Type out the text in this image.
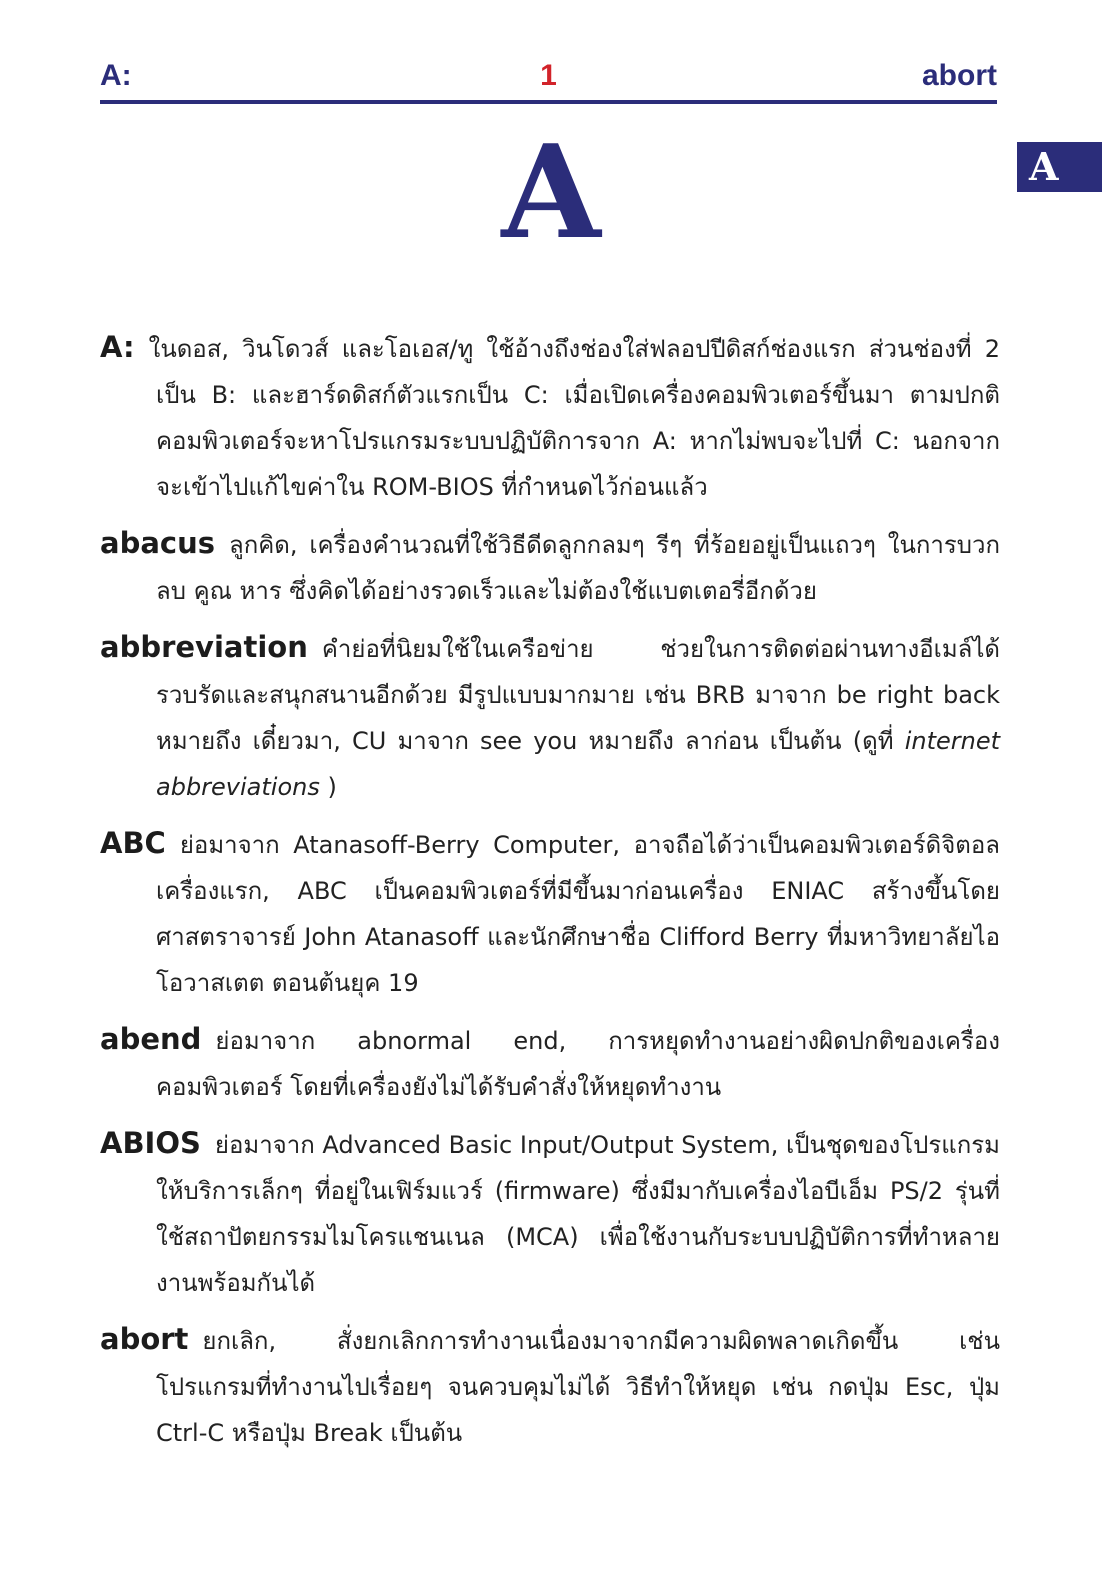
A:	1	abort
A
A
A: ในดอส, วินโดวส์ และโอเอส/ทู ใช้อ้างถึงช่องใส่ฟลอปปีดิสก์ช่องแรก ส่วนช่องที่ 2 เป็น B: และฮาร์ดดิสก์ตัวแรกเป็น C: เมื่อเปิดเครื่องคอมพิวเตอร์ขึ้นมา ตามปกติคอมพิวเตอร์จะหาโปรแกรมระบบปฏิบัติการจาก A: หากไม่พบจะไปที่ C: นอกจากจะเข้าไปแก้ไขค่าใน ROM-BIOS ที่กำหนดไว้ก่อนแล้ว
abacus ลูกคิด, เครื่องคำนวณที่ใช้วิธีดีดลูกกลมๆ รีๆ ที่ร้อยอยู่เป็นแถวๆ ในการบวก ลบ คูณ หาร ซึ่งคิดได้อย่างรวดเร็วและไม่ต้องใช้แบตเตอรี่อีกด้วย
abbreviation คำย่อที่นิยมใช้ในเครือข่าย ช่วยในการติดต่อผ่านทางอีเมล์ได้รวบรัดและสนุกสนานอีกด้วย มีรูปแบบมากมาย เช่น BRB มาจาก be right back หมายถึง เดี๋ยวมา, CU มาจาก see you หมายถึง ลาก่อน เป็นต้น (ดูที่ internet abbreviations )
ABC ย่อมาจาก Atanasoff-Berry Computer, อาจถือได้ว่าเป็นคอมพิวเตอร์ดิจิตอลเครื่องแรก, ABC เป็นคอมพิวเตอร์ที่มีขึ้นมาก่อนเครื่อง ENIAC สร้างขึ้นโดยศาสตราจารย์ John Atanasoff และนักศึกษาชื่อ Clifford Berry ที่มหาวิทยาลัยไอโอวาสเตต ตอนต้นยุค 19
abend ย่อมาจาก abnormal end, การหยุดทำงานอย่างผิดปกติของเครื่องคอมพิวเตอร์ โดยที่เครื่องยังไม่ได้รับคำสั่งให้หยุดทำงาน
ABIOS ย่อมาจาก Advanced Basic Input/Output System, เป็นชุดของโปรแกรมให้บริการเล็กๆ ที่อยู่ในเฟิร์มแวร์ (firmware) ซึ่งมีมากับเครื่องไอบีเอ็ม PS/2 รุ่นที่ใช้สถาปัตยกรรมไมโครแชนเนล (MCA) เพื่อใช้งานกับระบบปฏิบัติการที่ทำหลายงานพร้อมกันได้
abort ยกเลิก, สั่งยกเลิกการทำงานเนื่องมาจากมีความผิดพลาดเกิดขึ้น เช่น โปรแกรมที่ทำงานไปเรื่อยๆ จนควบคุมไม่ได้ วิธีทำให้หยุด เช่น กดปุ่ม Esc, ปุ่ม Ctrl-C หรือปุ่ม Break เป็นต้น
